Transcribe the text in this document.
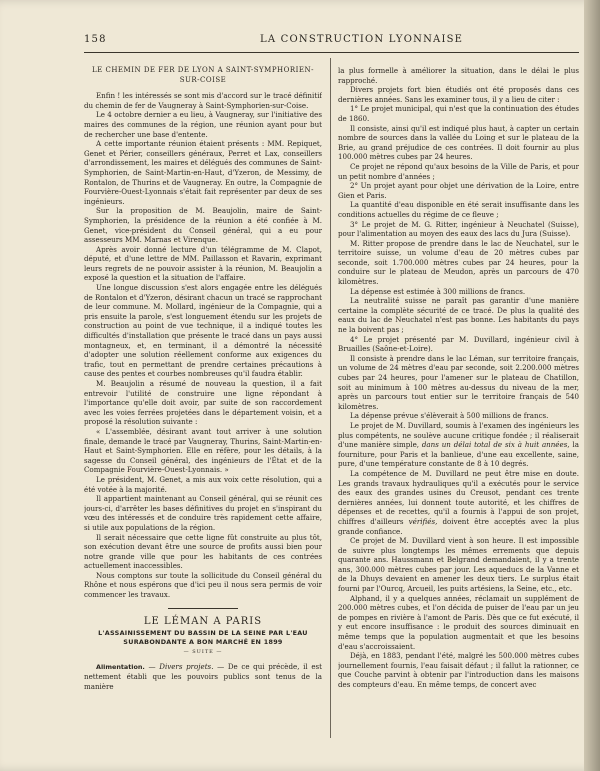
158	LA CONSTRUCTION LYONNAISE
LE CHEMIN DE FER DE LYON À SAINT-SYMPHORIEN-SUR-COISE

Enfin ! les intéressés se sont mis d'accord sur le tracé définitif du chemin de fer de Vaugneray à Saint-Symphorien-sur-Coise.

Le 4 octobre dernier a eu lieu, à Vaugneray, sur l'initiative des maires des communes de la région, une réunion ayant pour but de rechercher une base d'entente.

A cette importante réunion étaient présents : MM. Repiquet, Genet et Périer, conseillers généraux, Perret et Lax, conseillers d'arrondissement, les maires et délégués des communes de Saint-Symphorien, de Saint-Martin-en-Haut, d'Yzeron, de Messimy, de Rontalon, de Thurins et de Vaugneray. En outre, la Compagnie de Fourvière-Ouest-Lyonnais s'était fait représenter par deux de ses ingénieurs.

Sur la proposition de M. Beaujolin, maire de Saint-Symphorien, la présidence de la réunion a été confiée à M. Genet, vice-président du Conseil général, qui a eu pour assesseurs MM. Marnas et Virenque.

Après avoir donné lecture d'un télégramme de M. Clapot, député, et d'une lettre de MM. Paillasson et Ravarin, exprimant leurs regrets de ne pouvoir assister à la réunion, M. Beaujolin a exposé la question et la situation de l'affaire.

Une longue discussion s'est alors engagée entre les délégués de Rontalon et d'Yzeron, désirant chacun un tracé se rapprochant de leur commune. M. Mollard, ingénieur de la Compagnie, qui a pris ensuite la parole, s'est longuement étendu sur les projets de construction au point de vue technique, il a indiqué toutes les difficultés d'installation que présente le tracé dans un pays aussi montagneux, et, en terminant, il a démontré la nécessité d'adopter une solution réellement conforme aux exigences du trafic, tout en permettant de prendre certaines précautions à cause des pentes et courbes nombreuses qu'il faudra établir.

M. Beaujolin a résumé de nouveau la question, il a fait entrevoir l'utilité de construire une ligne répondant à l'importance qu'elle doit avoir, par suite de son raccordement avec les voies ferrées projetées dans le département voisin, et a proposé la résolution suivante :

« L'assemblée, désirant avant tout arriver à une solution finale, demande le tracé par Vaugneray, Thurins, Saint-Martin-en-Haut et Saint-Symphorien. Elle en réfère, pour les détails, à la sagesse du Conseil général, des ingénieurs de l'État et de la Compagnie Fourvière-Ouest-Lyonnais. »

Le président, M. Genet, a mis aux voix cette résolution, qui a été votée à la majorité.

Il appartient maintenant au Conseil général, qui se réunit ces jours-ci, d'arrêter les bases définitives du projet en s'inspirant du vœu des intéressés et de conduire très rapidement cette affaire, si utile aux populations de la région.

Il serait nécessaire que cette ligne fût construite au plus tôt, son exécution devant être une source de profits aussi bien pour notre grande ville que pour les habitants de ces contrées actuellement inaccessibles.

Nous comptons sur toute la sollicitude du Conseil général du Rhône et nous espérons que d'ici peu il nous sera permis de voir commencer les travaux.

LE LÉMAN A PARIS
L'ASSAINISSEMENT DU BASSIN DE LA SEINE PAR L'EAU
SURABONDANTE A BON MARCHÉ EN 1899
— SUITE —

Alimentation. — Divers projets. — De ce qui précède, il est nettement établi que les pouvoirs publics sont tenus de la manière

la plus formelle à améliorer la situation, dans le délai le plus rapproché.

Divers projets fort bien étudiés ont été proposés dans ces dernières années. Sans les examiner tous, il y a lieu de citer :

1° Le projet municipal, qui n'est que la continuation des études de 1860.

Il consiste, ainsi qu'il est indiqué plus haut, à capter un certain nombre de sources dans la vallée du Loing et sur le plateau de la Brie, au grand préjudice de ces contrées. Il doit fournir au plus 100.000 mètres cubes par 24 heures.

Ce projet ne répond qu'aux besoins de la Ville de Paris, et pour un petit nombre d'années ;

2° Un projet ayant pour objet une dérivation de la Loire, entre Gien et Paris.

La quantité d'eau disponible en été serait insuffisante dans les conditions actuelles du régime de ce fleuve ;

3° Le projet de M. G. Ritter, ingénieur à Neuchatel (Suisse), pour l'alimentation au moyen des eaux des lacs du Jura (Suisse).

M. Ritter propose de prendre dans le lac de Neuchatel, sur le territoire suisse, un volume d'eau de 20 mètres cubes par seconde, soit 1.700.000 mètres cubes par 24 heures, pour la conduire sur le plateau de Meudon, après un parcours de 470 kilomètres.

La dépense est estimée à 300 millions de francs.

La neutralité suisse ne paraît pas garantir d'une manière certaine la complète sécurité de ce tracé. De plus la qualité des eaux du lac de Neuchatel n'est pas bonne. Les habitants du pays ne la boivent pas ;

4° Le projet présenté par M. Duvillard, ingénieur civil à Bruailles (Saône-et-Loire).

Il consiste à prendre dans le lac Léman, sur territoire français, un volume de 24 mètres d'eau par seconde, soit 2.200.000 mètres cubes par 24 heures, pour l'amener sur le plateau de Chatillon, soit au minimum à 100 mètres au-dessus du niveau de la mer, après un parcours tout entier sur le territoire français de 540 kilomètres.

La dépense prévue s'élèverait à 500 millions de francs.

Le projet de M. Duvillard, soumis à l'examen des ingénieurs les plus compétents, ne soulève aucune critique fondée ; il réaliserait d'une manière simple, dans un délai total de six à huit années, la fourniture, pour Paris et la banlieue, d'une eau excellente, saine, pure, d'une température constante de 8 à 10 degrés.

La compétence de M. Duvillard ne peut être mise en doute. Les grands travaux hydrauliques qu'il a exécutés pour le service des eaux des grandes usines du Creusot, pendant ces trente dernières années, lui donnent toute autorité, et les chiffres de dépenses et de recettes, qu'il a fournis à l'appui de son projet, chiffres d'ailleurs vérifiés, doivent être acceptés avec la plus grande confiance.

Ce projet de M. Duvillard vient à son heure. Il est impossible de suivre plus longtemps les mêmes errements que depuis quarante ans. Haussmann et Belgrand demandaient, il y a trente ans, 300.000 mètres cubes par jour. Les aqueducs de la Vanne et de la Dhuys devaient en amener les deux tiers. Le surplus était fourni par l'Ourcq, Arcueil, les puits artésiens, la Seine, etc., etc.

Alphand, il y a quelques années, réclamait un supplément de 200.000 mètres cubes, et l'on décida de puiser de l'eau par un jeu de pompes en rivière à l'amont de Paris. Dès que ce fut exécuté, il y eut encore insuffisance : le produit des sources diminuait en même temps que la population augmentait et que les besoins d'eau s'accroissaient.

Déjà, en 1883, pendant l'été, malgré les 500.000 mètres cubes journellement fournis, l'eau faisait défaut ; il fallut la rationner, ce que Couche parvint à obtenir par l'introduction dans les maisons des compteurs d'eau. En même temps, de concert avec
